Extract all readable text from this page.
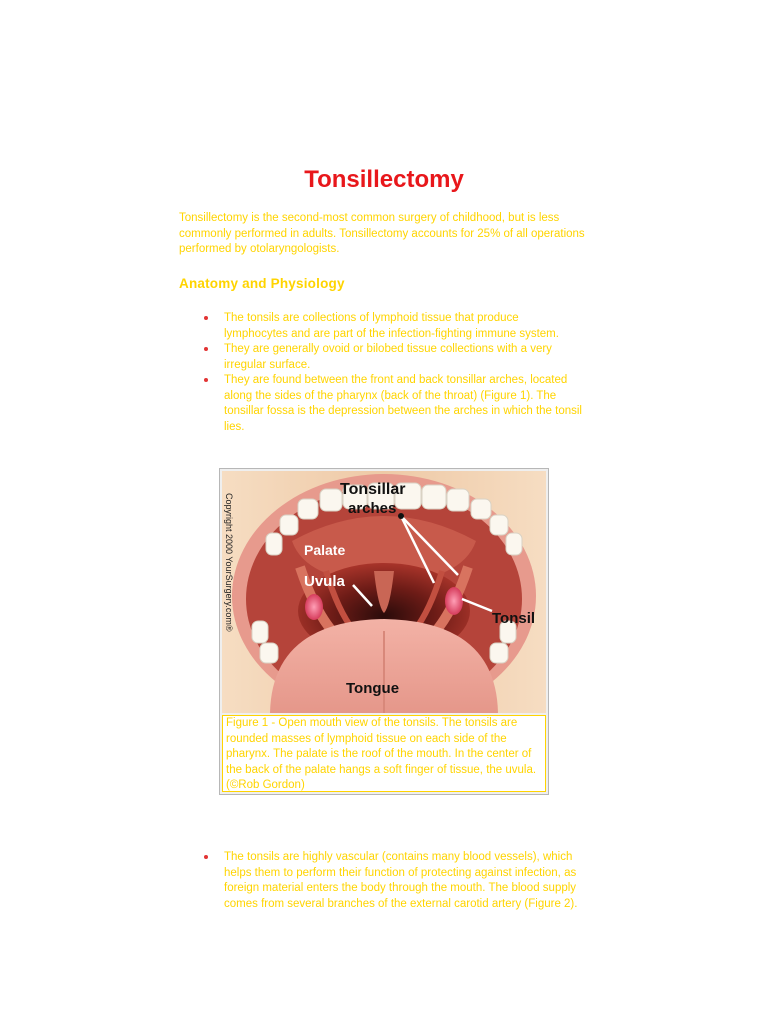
Tonsillectomy

Tonsillectomy is the second-most common surgery of childhood, but is less commonly performed in adults. Tonsillectomy accounts for 25% of all operations performed by otolaryngologists.

Anatomy and Physiology
The tonsils are collections of lymphoid tissue that produce lymphocytes and are part of the infection-fighting immune system.
They are generally ovoid or bilobed tissue collections with a very irregular surface.
They are found between the front and back tonsillar arches, located along the sides of the pharynx (back of the throat) (Figure 1). The tonsillar fossa is the depression between the arches in which the tonsil lies.
Tonsillar
arches
Palate
Uvula
Tonsil
Tongue
Copyright 2000 YourSurgery.com®
Figure 1 - Open mouth view of the tonsils. The tonsils are rounded masses of lymphoid tissue on each side of the pharynx. The palate is the roof of the mouth. In the center of the back of the palate hangs a soft finger of tissue, the uvula. (©Rob Gordon)
The tonsils are highly vascular (contains many blood vessels), which helps them to perform their function of protecting against infection, as foreign material enters the body through the mouth. The blood supply comes from several branches of the external carotid artery (Figure 2).
